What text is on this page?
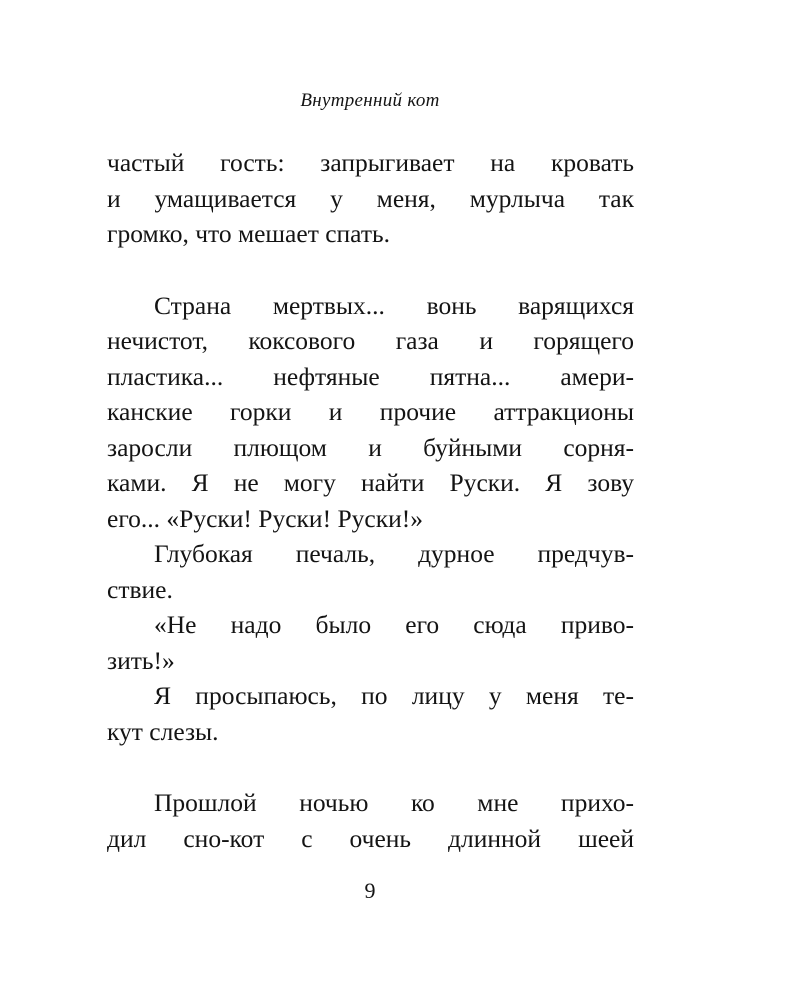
Внутренний кот
частый гость: запрыгивает на кровать
и умащивается у меня, мурлыча так
громко, что мешает спать.
Страна мертвых... вонь варящихся
нечистот, коксового газа и горящего
пластика... нефтяные пятна... амери-
канские горки и прочие аттракционы
заросли плющом и буйными сорня-
ками. Я не могу найти Руски. Я зову
его... «Руски! Руски! Руски!»
Глубокая печаль, дурное предчув-
ствие.
«Не надо было его сюда приво-
зить!»
Я просыпаюсь, по лицу у меня те-
кут слезы.
Прошлой ночью ко мне прихо-
дил сно-кот с очень длинной шеей
9
